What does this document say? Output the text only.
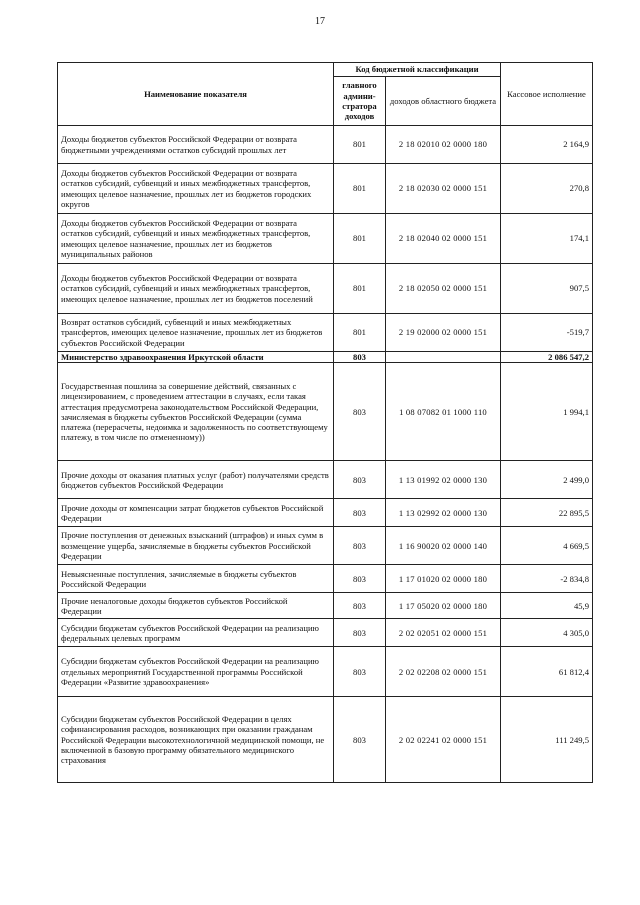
17
Наименование показателя	Код бюджетной классификации		Кассовое исполнение
	главного админи-стратора доходов	доходов областного бюджета	
Доходы бюджетов субъектов Российской Федерации от возврата бюджетными учреждениями остатков субсидий прошлых лет	801	2 18 02010 02 0000 180	2 164,9
Доходы бюджетов субъектов Российской Федерации от возврата остатков субсидий, субвенций и иных межбюджетных трансфертов, имеющих целевое назначение, прошлых лет из бюджетов городских округов	801	2 18 02030 02 0000 151	270,8
Доходы бюджетов субъектов Российской Федерации от возврата остатков субсидий, субвенций и иных межбюджетных трансфертов, имеющих целевое назначение, прошлых лет из бюджетов муниципальных районов	801	2 18 02040 02 0000 151	174,1
Доходы бюджетов субъектов Российской Федерации от возврата остатков субсидий, субвенций и иных межбюджетных трансфертов, имеющих целевое назначение, прошлых лет из бюджетов поселений	801	2 18 02050 02 0000 151	907,5
Возврат остатков субсидий, субвенций и иных межбюджетных трансфертов, имеющих целевое назначение, прошлых лет из бюджетов субъектов Российской Федерации	801	2 19 02000 02 0000 151	-519,7
Министерство здравоохранения Иркутской области	803		2 086 547,2
Государственная пошлина за совершение действий, связанных с лицензированием, с проведением аттестации в случаях, если такая аттестация предусмотрена законодательством Российской Федерации, зачисляемая в бюджеты субъектов Российской Федерации (сумма платежа (перерасчеты, недоимка и задолженность по соответствующему платежу, в том числе по отмененному))	803	1 08 07082 01 1000 110	1 994,1
Прочие доходы от оказания платных услуг (работ) получателями средств бюджетов субъектов Российской Федерации	803	1 13 01992 02 0000 130	2 499,0
Прочие доходы от компенсации затрат бюджетов субъектов Российской Федерации	803	1 13 02992 02 0000 130	22 895,5
Прочие поступления от денежных взысканий (штрафов) и иных сумм в возмещение ущерба, зачисляемые в бюджеты субъектов Российской Федерации	803	1 16 90020 02 0000 140	4 669,5
Невыясненные поступления, зачисляемые в бюджеты субъектов Российской Федерации	803	1 17 01020 02 0000 180	-2 834,8
Прочие неналоговые доходы бюджетов субъектов Российской Федерации	803	1 17 05020 02 0000 180	45,9
Субсидии бюджетам субъектов Российской Федерации на реализацию федеральных целевых программ	803	2 02 02051 02 0000 151	4 305,0
Субсидии бюджетам субъектов Российской Федерации на реализацию отдельных мероприятий Государственной программы Российской Федерации «Развитие здравоохранения»	803	2 02 02208 02 0000 151	61 812,4
Субсидии бюджетам субъектов Российской Федерации в целях софинансирования расходов, возникающих при оказании гражданам Российской Федерации высокотехнологичной медицинской помощи, не включенной в базовую программу обязательного медицинского страхования	803	2 02 02241 02 0000 151	111 249,5
